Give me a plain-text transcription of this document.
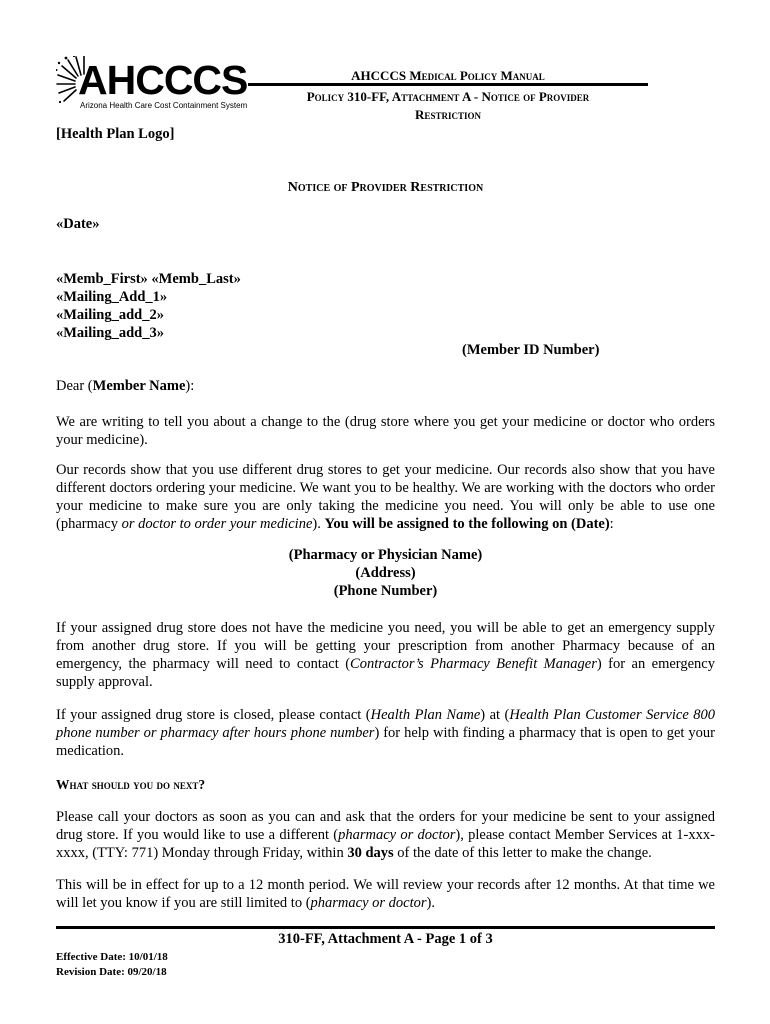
AHCCCS
Arizona Health Care Cost Containment System
AHCCCS Medical Policy Manual
Policy 310-FF, Attachment A - Notice of Provider
Restriction
[Health Plan Logo]
Notice of Provider Restriction
«Date»
«Memb_First» «Memb_Last»
«Mailing_Add_1»
«Mailing_add_2»
«Mailing_add_3»
(Member ID Number)
Dear (Member Name):

We are writing to tell you about a change to the (drug store where you get your medicine or doctor who orders your medicine).

Our records show that you use different drug stores to get your medicine. Our records also show that you have different doctors ordering your medicine. We want you to be healthy. We are working with the doctors who order your medicine to make sure you are only taking the medicine you need. You will only be able to use one (pharmacy or doctor to order your medicine). You will be assigned to the following on (Date):

(Pharmacy or Physician Name)
(Address)
(Phone Number)

If your assigned drug store does not have the medicine you need, you will be able to get an emergency supply from another drug store. If you will be getting your prescription from another Pharmacy because of an emergency, the pharmacy will need to contact (Contractor’s Pharmacy Benefit Manager) for an emergency supply approval.

If your assigned drug store is closed, please contact (Health Plan Name) at (Health Plan Customer Service 800 phone number or pharmacy after hours phone number) for help with finding a pharmacy that is open to get your medication.

What should you do next?

Please call your doctors as soon as you can and ask that the orders for your medicine be sent to your assigned drug store. If you would like to use a different (pharmacy or doctor), please contact Member Services at 1-xxx-xxxx, (TTY: 771) Monday through Friday, within 30 days of the date of this letter to make the change.

This will be in effect for up to a 12 month period. We will review your records after 12 months. At that time we will let you know if you are still limited to (pharmacy or doctor).

310-FF, Attachment A - Page 1 of 3
Effective Date: 10/01/18
Revision Date: 09/20/18
